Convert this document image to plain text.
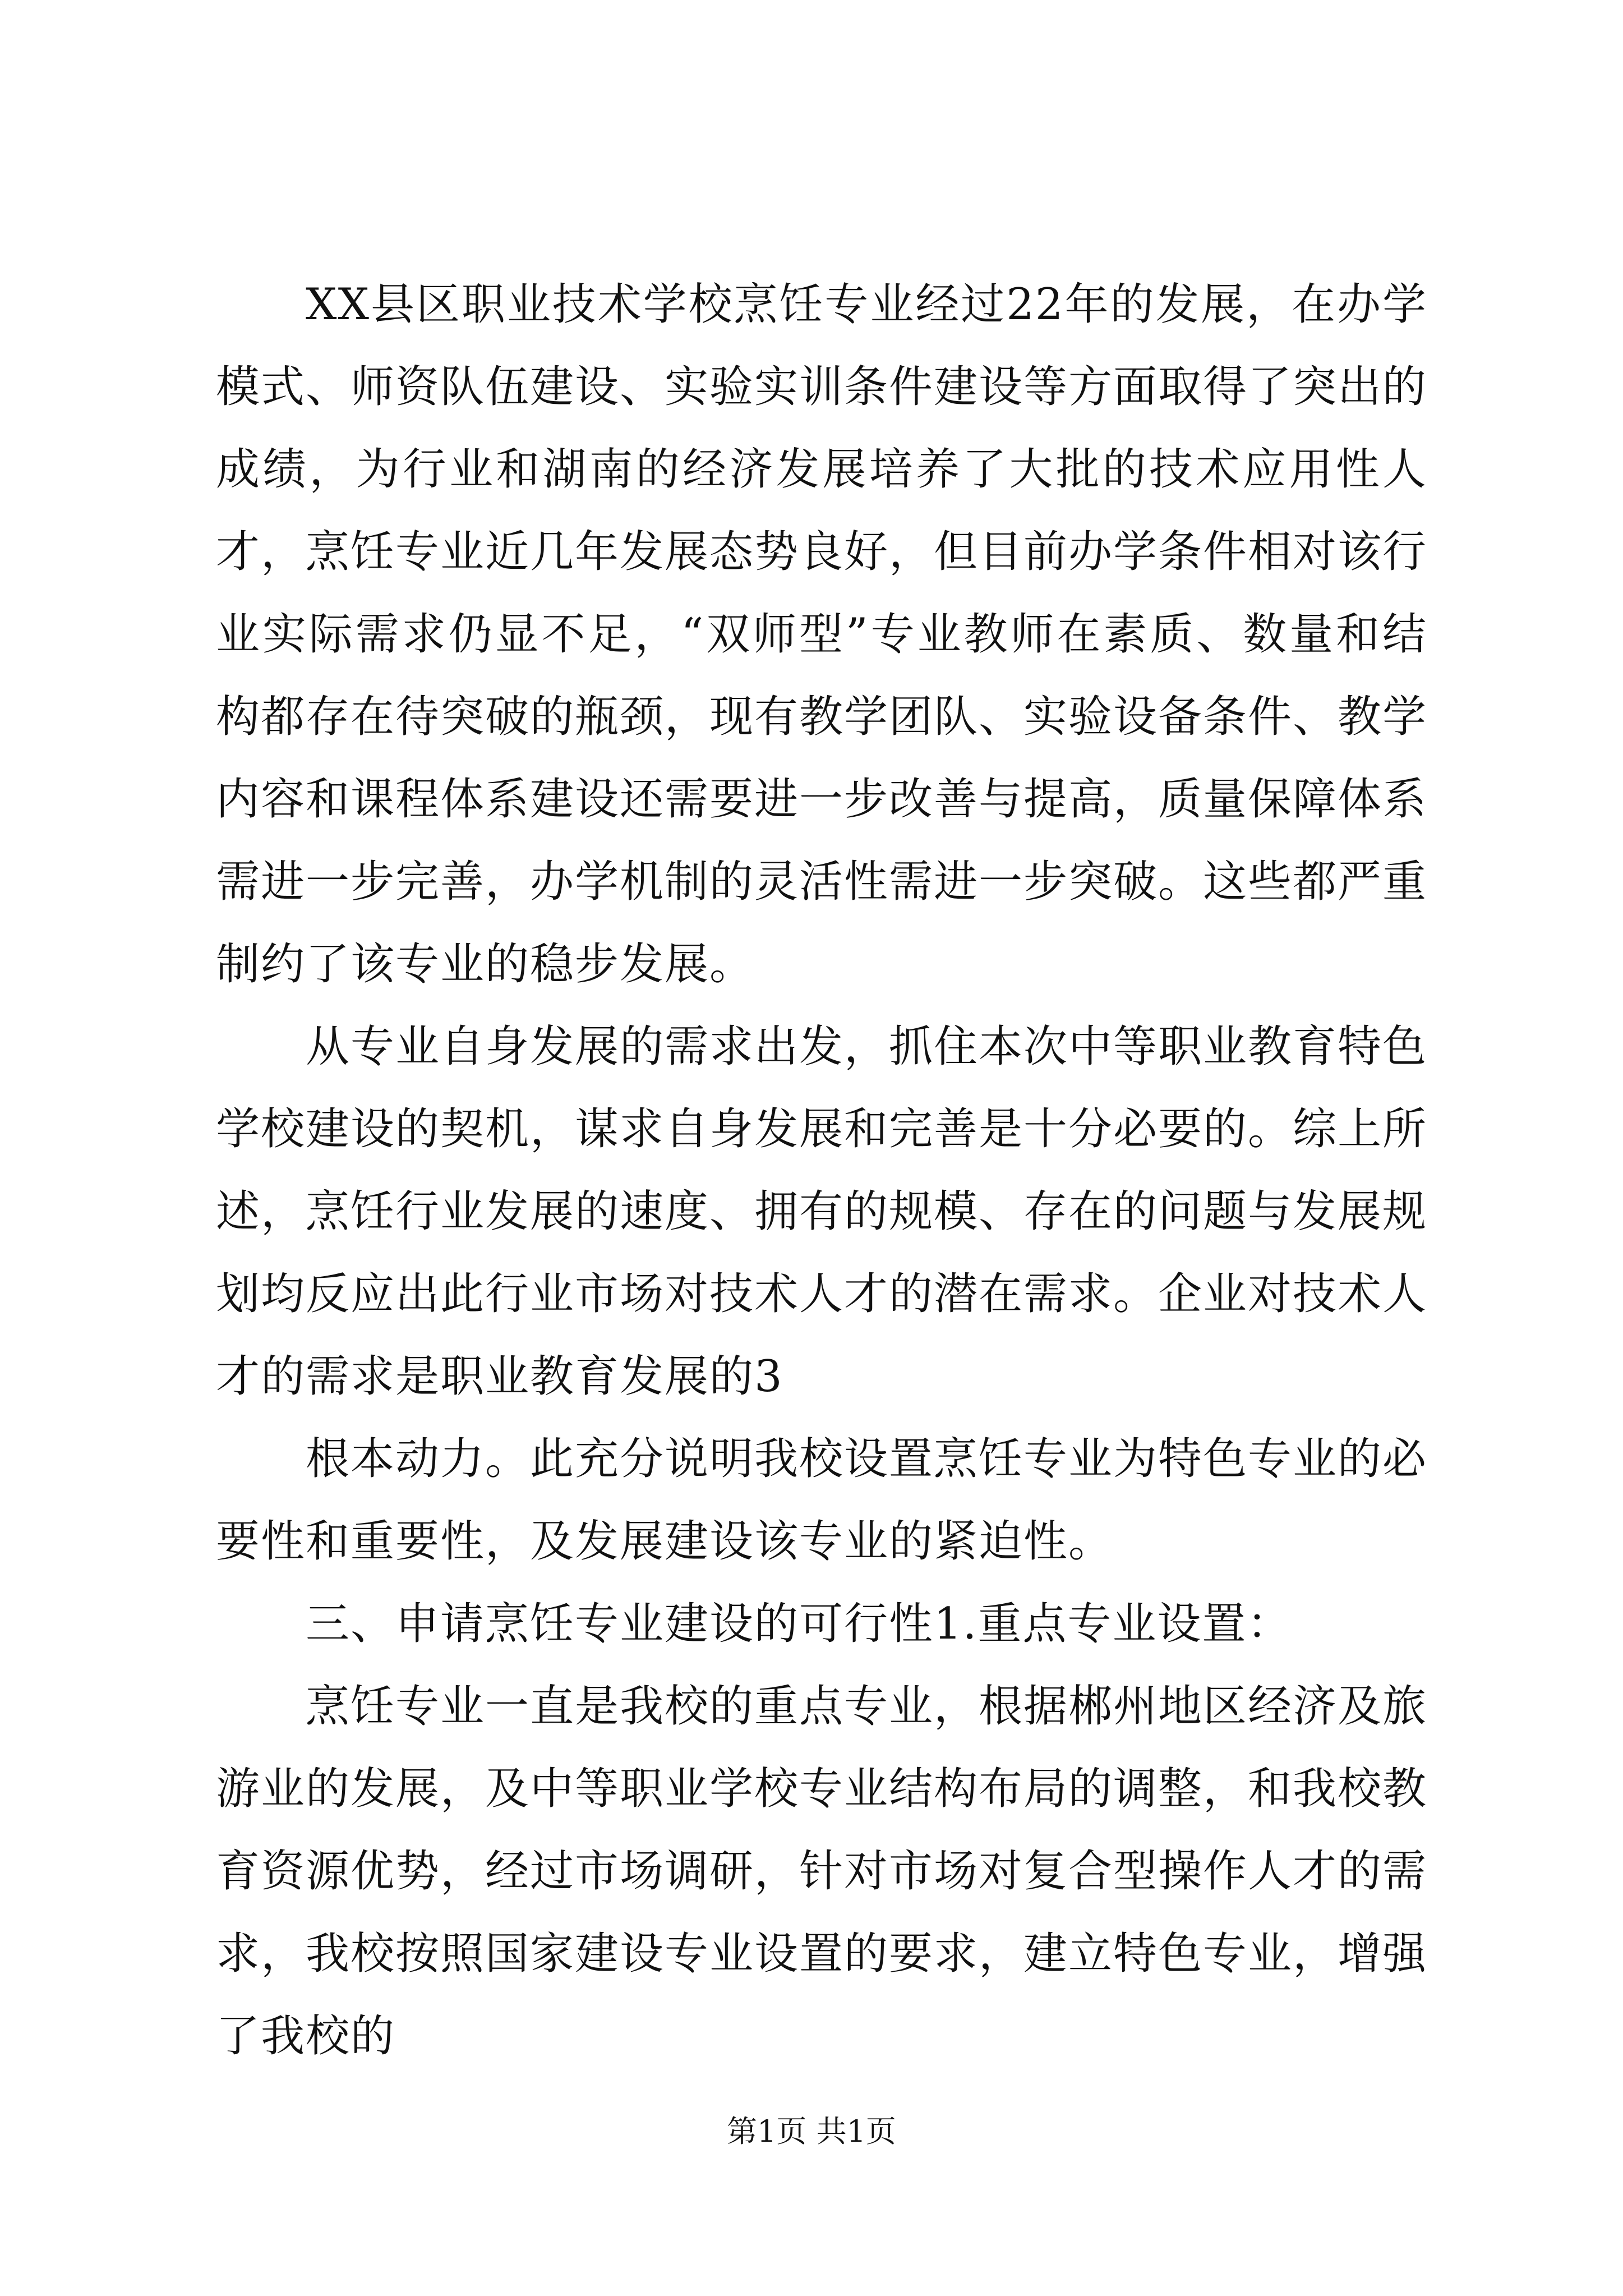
XX县区职业技术学校烹饪专业经过22年的发展，在办学模式、师资队伍建设、实验实训条件建设等方面取得了突出的成绩，为行业和湖南的经济发展培养了大批的技术应用性人才，烹饪专业近几年发展态势良好，但目前办学条件相对该行业实际需求仍显不足，“双师型”专业教师在素质、数量和结构都存在待突破的瓶颈，现有教学团队、实验设备条件、教学内容和课程体系建设还需要进一步改善与提高，质量保障体系需进一步完善，办学机制的灵活性需进一步突破。这些都严重制约了该专业的稳步发展。

从专业自身发展的需求出发，抓住本次中等职业教育特色学校建设的契机，谋求自身发展和完善是十分必要的。综上所述，烹饪行业发展的速度、拥有的规模、存在的问题与发展规划均反应出此行业市场对技术人才的潜在需求。企业对技术人才的需求是职业教育发展的3

根本动力。此充分说明我校设置烹饪专业为特色专业的必要性和重要性，及发展建设该专业的紧迫性。

三、申请烹饪专业建设的可行性1.重点专业设置：

烹饪专业一直是我校的重点专业，根据郴州地区经济及旅游业的发展，及中等职业学校专业结构布局的调整，和我校教育资源优势，经过市场调研，针对市场对复合型操作人才的需求，我校按照国家建设专业设置的要求，建立特色专业，增强了我校的

第1页 共1页
